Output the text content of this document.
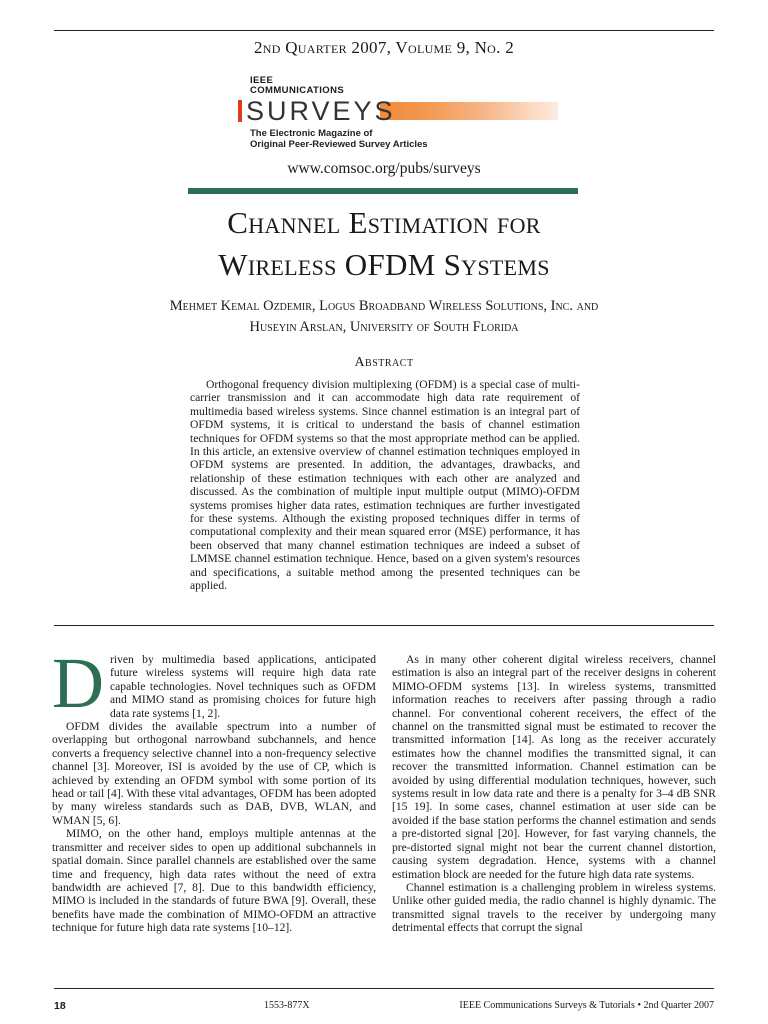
2nd Quarter 2007, Volume 9, No. 2
IEEE
COMMUNICATIONS
SURVEYS
The Electronic Magazine of
Original Peer-Reviewed Survey Articles
www.comsoc.org/pubs/surveys
Channel Estimation for
Wireless OFDM Systems
Mehmet Kemal Ozdemir, Logus Broadband Wireless Solutions, Inc. and
Huseyin Arslan, University of South Florida
Abstract
Orthogonal frequency division multiplexing (OFDM) is a special case of multi-carrier transmission and it can accommodate high data rate requirement of multimedia based wireless systems. Since channel estimation is an integral part of OFDM systems, it is critical to understand the basis of channel estimation techniques for OFDM systems so that the most appropriate method can be applied. In this article, an extensive overview of channel estimation techniques employed in OFDM systems are presented. In addition, the advantages, drawbacks, and relationship of these estimation techniques with each other are analyzed and discussed. As the combination of multiple input multiple output (MIMO)-OFDM systems promises higher data rates, estimation techniques are further investigated for these systems. Although the existing proposed techniques differ in terms of computational complexity and their mean squared error (MSE) performance, it has been observed that many channel estimation techniques are indeed a subset of LMMSE channel estimation technique. Hence, based on a given system's resources and specifications, a suitable method among the presented techniques can be applied.

Driven by multimedia based applications, anticipated future wireless systems will require high data rate capable technologies. Novel techniques such as OFDM and MIMO stand as promising choices for future high data rate systems [1, 2].

OFDM divides the available spectrum into a number of overlapping but orthogonal narrowband subchannels, and hence converts a frequency selective channel into a non-frequency selective channel [3]. Moreover, ISI is avoided by the use of CP, which is achieved by extending an OFDM symbol with some portion of its head or tail [4]. With these vital advantages, OFDM has been adopted by many wireless standards such as DAB, DVB, WLAN, and WMAN [5, 6].

MIMO, on the other hand, employs multiple antennas at the transmitter and receiver sides to open up additional subchannels in spatial domain. Since parallel channels are established over the same time and frequency, high data rates without the need of extra bandwidth are achieved [7, 8]. Due to this bandwidth efficiency, MIMO is included in the standards of future BWA [9]. Overall, these benefits have made the combination of MIMO-OFDM an attractive technique for future high data rate systems [10–12].

As in many other coherent digital wireless receivers, channel estimation is also an integral part of the receiver designs in coherent MIMO-OFDM systems [13]. In wireless systems, transmitted information reaches to receivers after passing through a radio channel. For conventional coherent receivers, the effect of the channel on the transmitted signal must be estimated to recover the transmitted information [14]. As long as the receiver accurately estimates how the channel modifies the transmitted signal, it can recover the transmitted information. Channel estimation can be avoided by using differential modulation techniques, however, such systems result in low data rate and there is a penalty for 3–4 dB SNR [15 19]. In some cases, channel estimation at user side can be avoided if the base station performs the channel estimation and sends a pre-distorted signal [20]. However, for fast varying channels, the pre-distorted signal might not bear the current channel distortion, causing system degradation. Hence, systems with a channel estimation block are needed for the future high data rate systems.

Channel estimation is a challenging problem in wireless systems. Unlike other guided media, the radio channel is highly dynamic. The transmitted signal travels to the receiver by undergoing many detrimental effects that corrupt the signal

18	1553-877X	IEEE Communications Surveys & Tutorials • 2nd Quarter 2007
